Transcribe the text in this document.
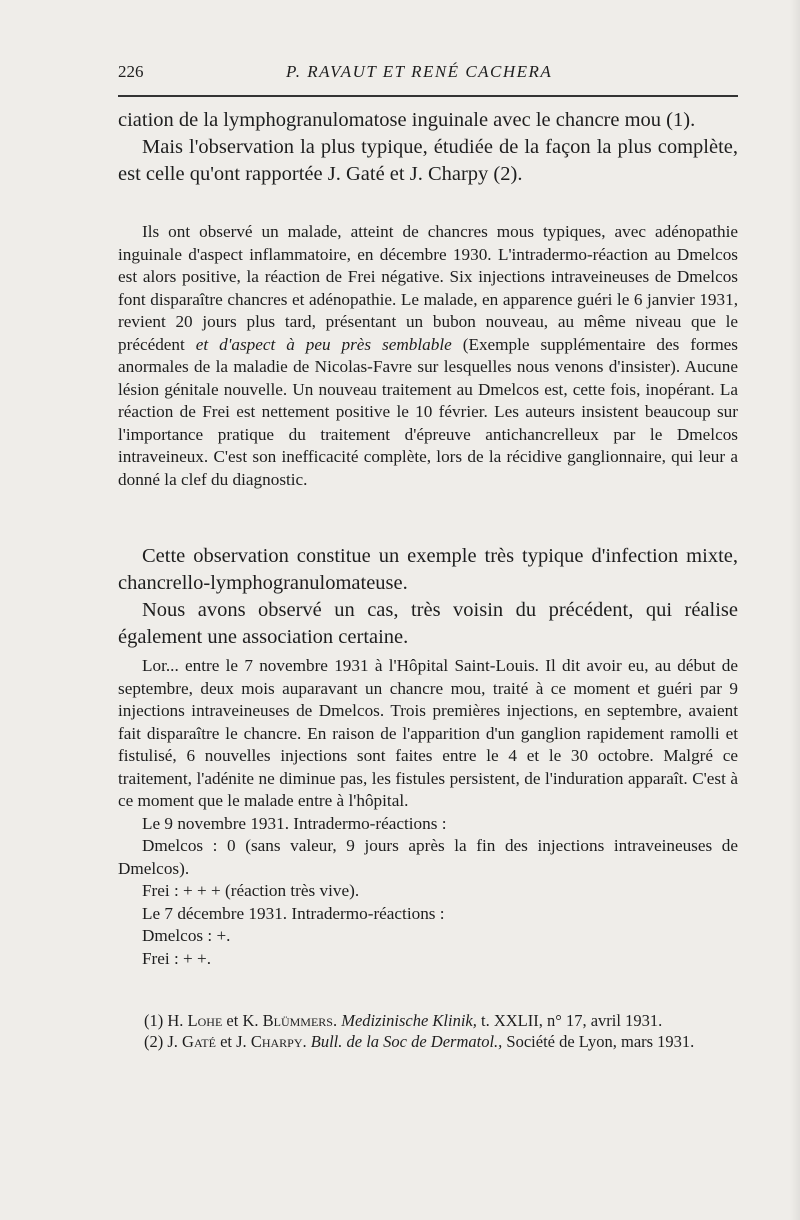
226	P. RAVAUT ET RENÉ CACHERA

ciation de la lymphogranulomatose inguinale avec le chancre mou (1).

Mais l'observation la plus typique, étudiée de la façon la plus complète, est celle qu'ont rapportée J. Gaté et J. Charpy (2).

Ils ont observé un malade, atteint de chancres mous typiques, avec adénopathie inguinale d'aspect inflammatoire, en décembre 1930. L'intradermo-réaction au Dmelcos est alors positive, la réaction de Frei négative. Six injections intraveineuses de Dmelcos font disparaître chancres et adénopathie. Le malade, en apparence guéri le 6 janvier 1931, revient 20 jours plus tard, présentant un bubon nouveau, au même niveau que le précédent et d'aspect à peu près semblable (Exemple supplémentaire des formes anormales de la maladie de Nicolas-Favre sur lesquelles nous venons d'insister). Aucune lésion génitale nouvelle. Un nouveau traitement au Dmelcos est, cette fois, inopérant. La réaction de Frei est nettement positive le 10 février. Les auteurs insistent beaucoup sur l'importance pratique du traitement d'épreuve antichancrelleux par le Dmelcos intraveineux. C'est son inefficacité complète, lors de la récidive ganglionnaire, qui leur a donné la clef du diagnostic.

Cette observation constitue un exemple très typique d'infection mixte, chancrello-lymphogranulomateuse.

Nous avons observé un cas, très voisin du précédent, qui réalise également une association certaine.

Lor... entre le 7 novembre 1931 à l'Hôpital Saint-Louis. Il dit avoir eu, au début de septembre, deux mois auparavant un chancre mou, traité à ce moment et guéri par 9 injections intraveineuses de Dmelcos. Trois premières injections, en septembre, avaient fait disparaître le chancre. En raison de l'apparition d'un ganglion rapidement ramolli et fistulisé, 6 nouvelles injections sont faites entre le 4 et le 30 octobre. Malgré ce traitement, l'adénite ne diminue pas, les fistules persistent, de l'induration apparaît. C'est à ce moment que le malade entre à l'hôpital.

Le 9 novembre 1931. Intradermo-réactions :

Dmelcos : 0 (sans valeur, 9 jours après la fin des injections intraveineuses de Dmelcos).

Frei : + + + (réaction très vive).

Le 7 décembre 1931. Intradermo-réactions :

Dmelcos : +.

Frei : + +.

(1) H. Lohe et K. Blümmers. Medizinische Klinik, t. XXLII, n° 17, avril 1931.

(2) J. Gaté et J. Charpy. Bull. de la Soc de Dermatol., Société de Lyon, mars 1931.
